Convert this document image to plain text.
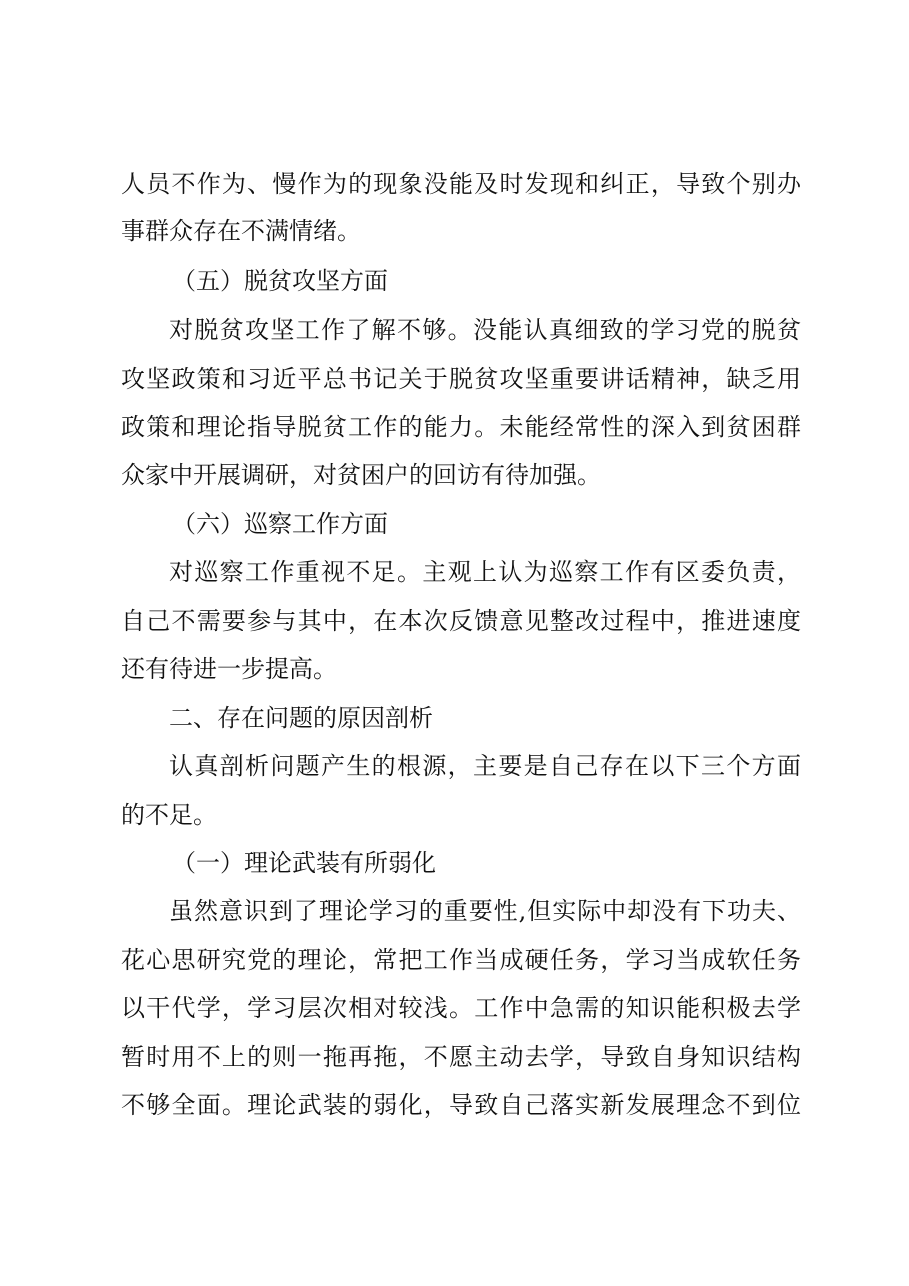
人员不作为、慢作为的现象没能及时发现和纠正，导致个别办
事群众存在不满情绪。
（五）脱贫攻坚方面
对脱贫攻坚工作了解不够。没能认真细致的学习党的脱贫
攻坚政策和习近平总书记关于脱贫攻坚重要讲话精神，缺乏用
政策和理论指导脱贫工作的能力。未能经常性的深入到贫困群
众家中开展调研，对贫困户的回访有待加强。
（六）巡察工作方面
对巡察工作重视不足。主观上认为巡察工作有区委负责，
自己不需要参与其中，在本次反馈意见整改过程中，推进速度
还有待进一步提高。
二、存在问题的原因剖析
认真剖析问题产生的根源，主要是自己存在以下三个方面
的不足。
（一）理论武装有所弱化
虽然意识到了理论学习的重要性,但实际中却没有下功夫、
花心思研究党的理论，常把工作当成硬任务，学习当成软任务
以干代学，学习层次相对较浅。工作中急需的知识能积极去学
暂时用不上的则一拖再拖，不愿主动去学，导致自身知识结构
不够全面。理论武装的弱化，导致自己落实新发展理念不到位
